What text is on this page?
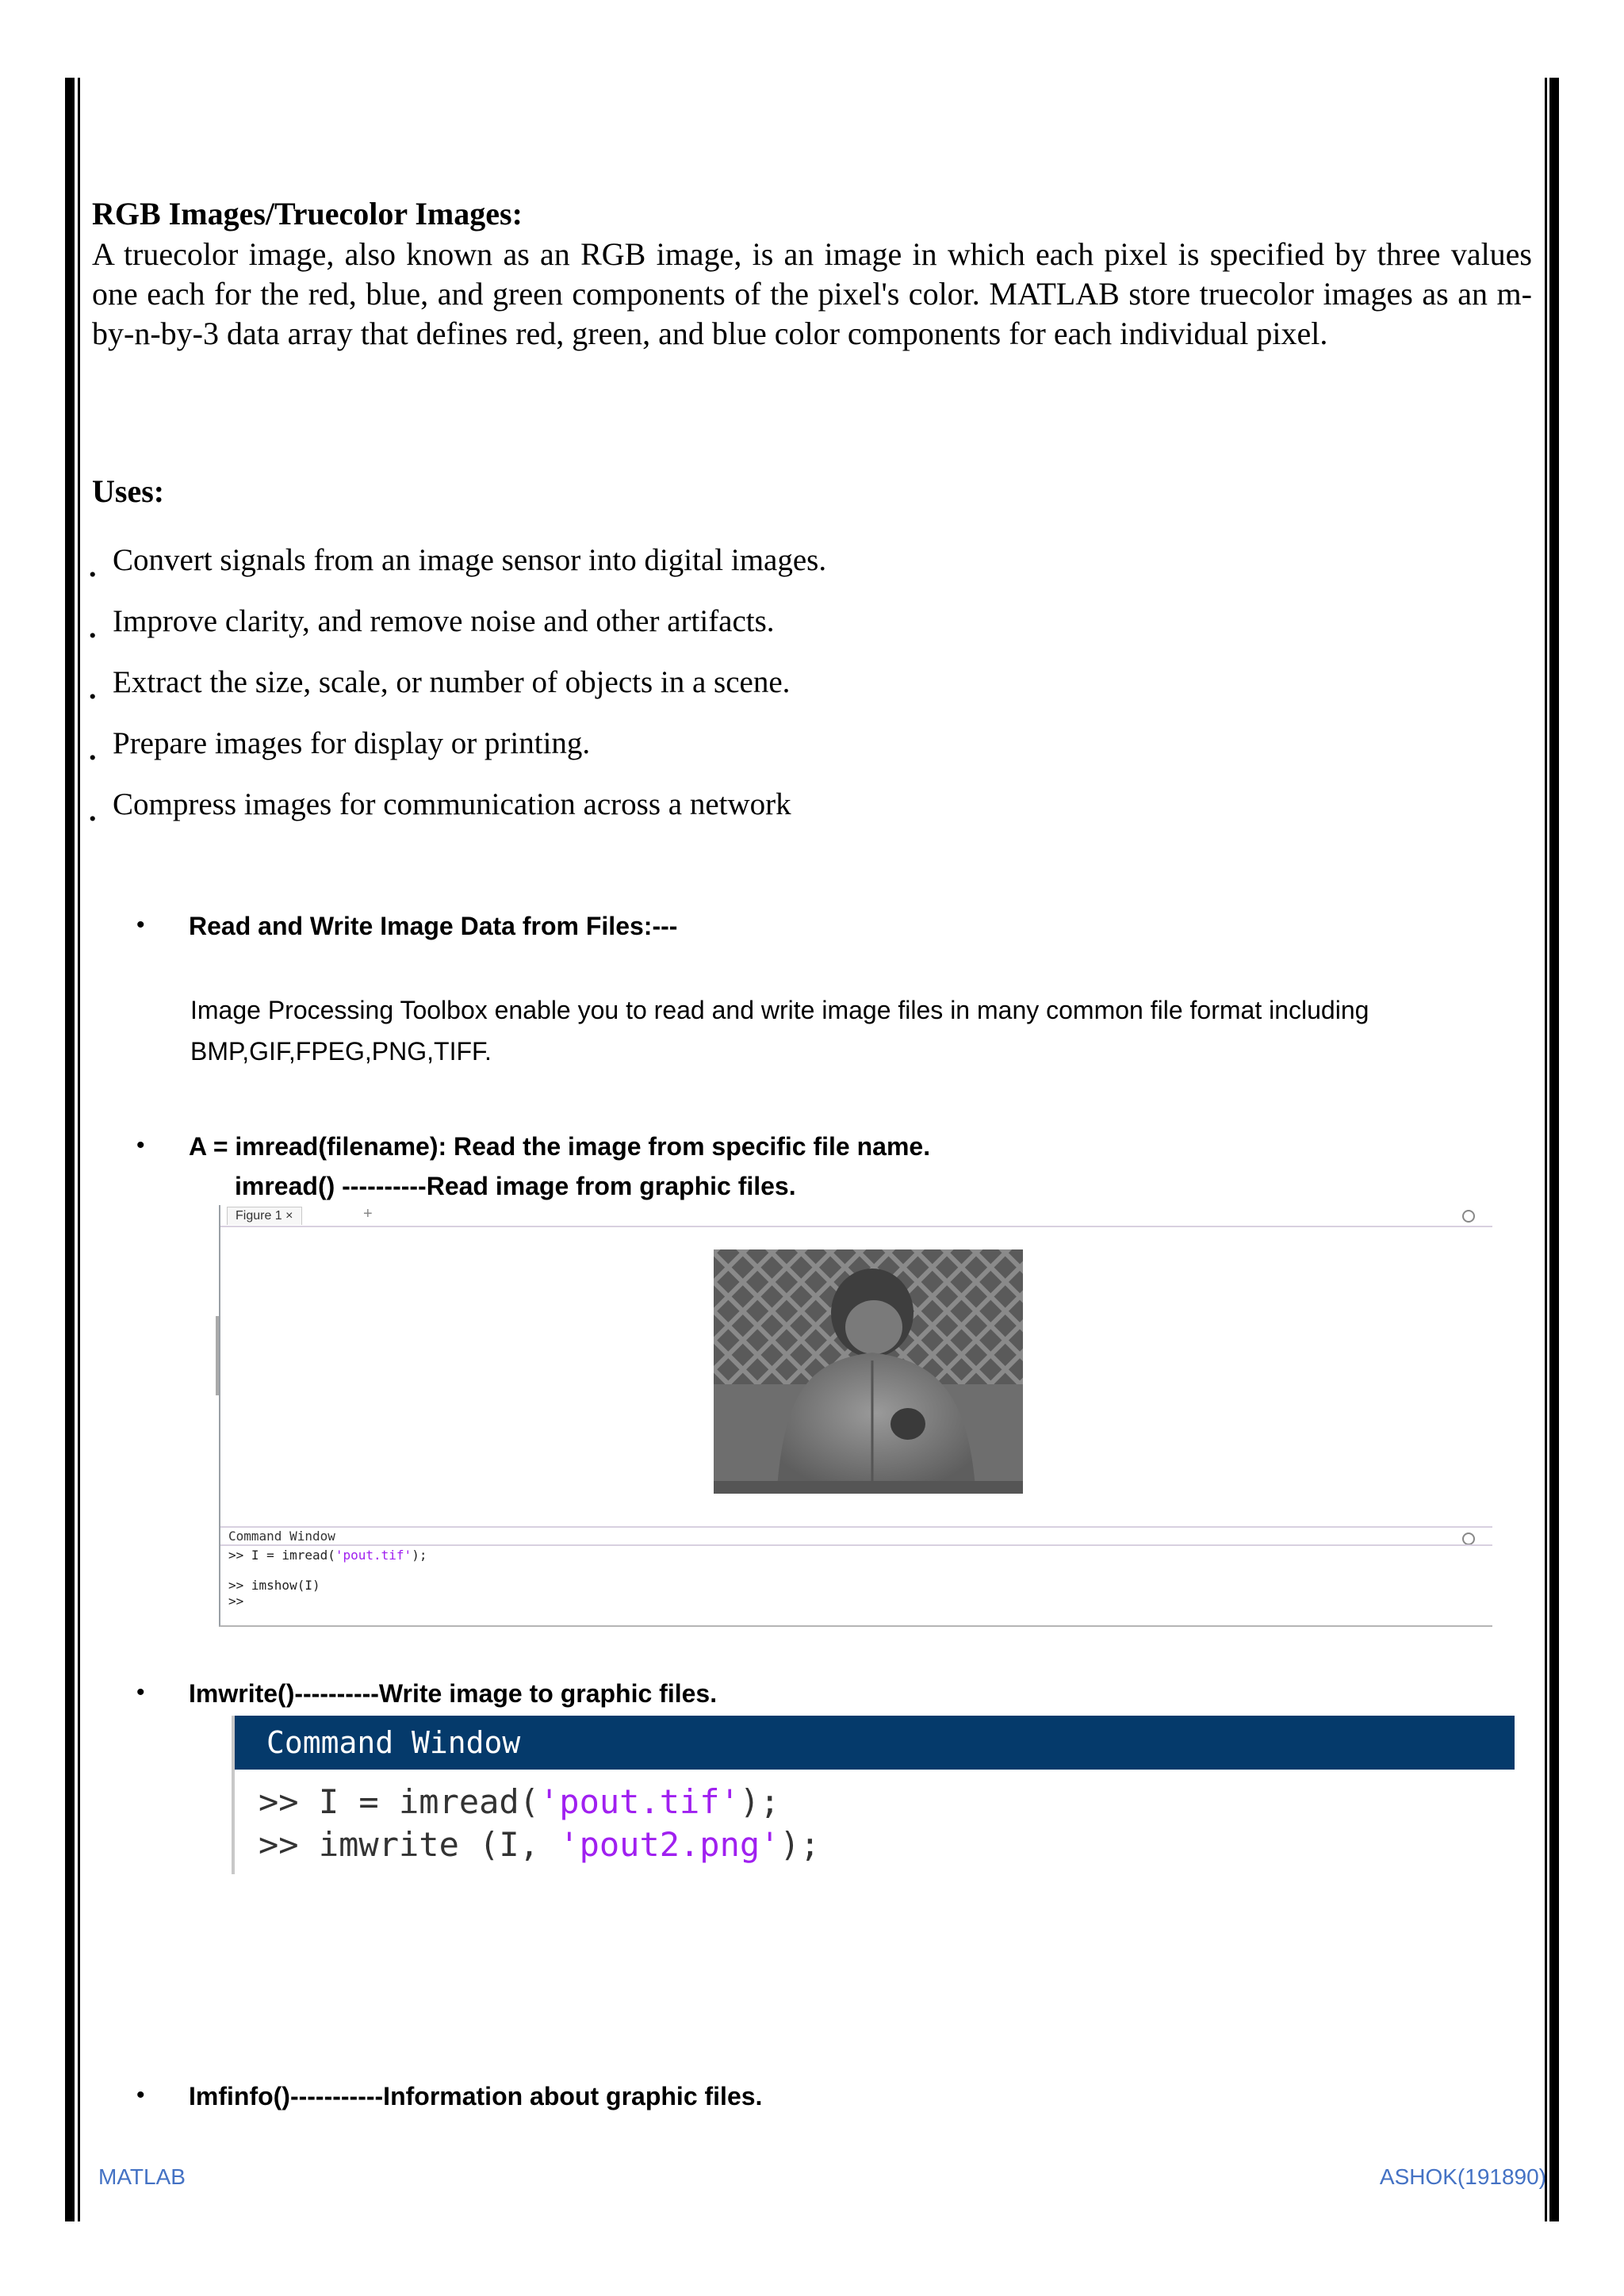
RGB Images/Truecolor Images:
A truecolor image, also known as an RGB image, is an image in which each pixel is specified by three values one each for the red, blue, and green components of the pixel's color. MATLAB store truecolor images as an m-by-n-by-3 data array that defines red, green, and blue color components for each individual pixel.
Uses:
. Convert signals from an image sensor into digital images.
. Improve clarity, and remove noise and other artifacts.
. Extract the size, scale, or number of objects in a scene.
. Prepare images for display or printing.
. Compress images for communication across a network
• Read and Write Image Data from Files:---
Image Processing Toolbox enable you to read and write image files in many common file format including BMP,GIF,FPEG,PNG,TIFF.
• A = imread(filename): Read the image from specific file name.
imread() ----------Read image from graphic files.
Figure 1 ×	+
Command Window
>> I = imread('pout.tif');
>> imshow(I)
>>
• Imwrite()----------Write image to graphic files.
Command Window
>> I = imread('pout.tif');
>> imwrite (I, 'pout2.png');
• Imfinfo()-----------Information about graphic files.
MATLAB	ASHOK(191890)
